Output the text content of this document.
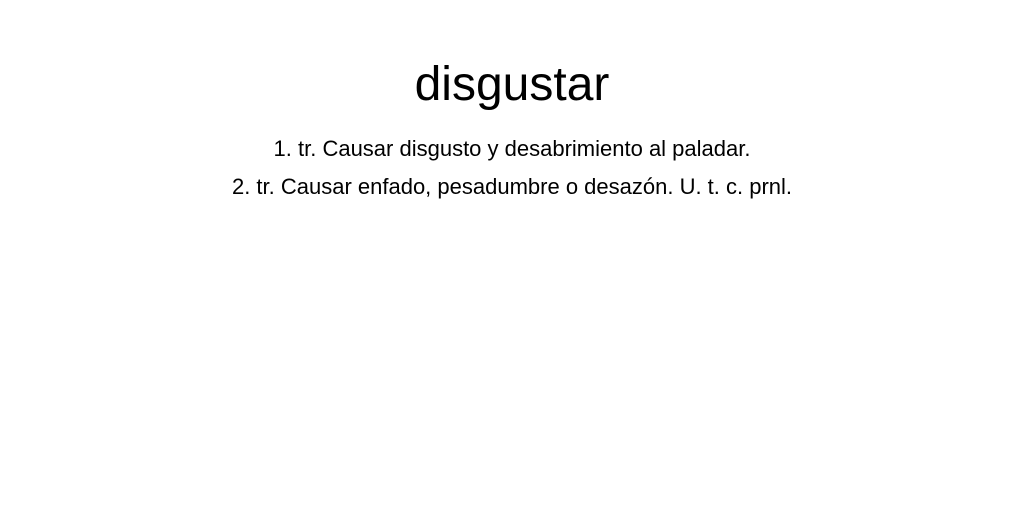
disgustar
1. tr. Causar disgusto y desabrimiento al paladar.
2. tr. Causar enfado, pesadumbre o desazón. U. t. c. prnl.
